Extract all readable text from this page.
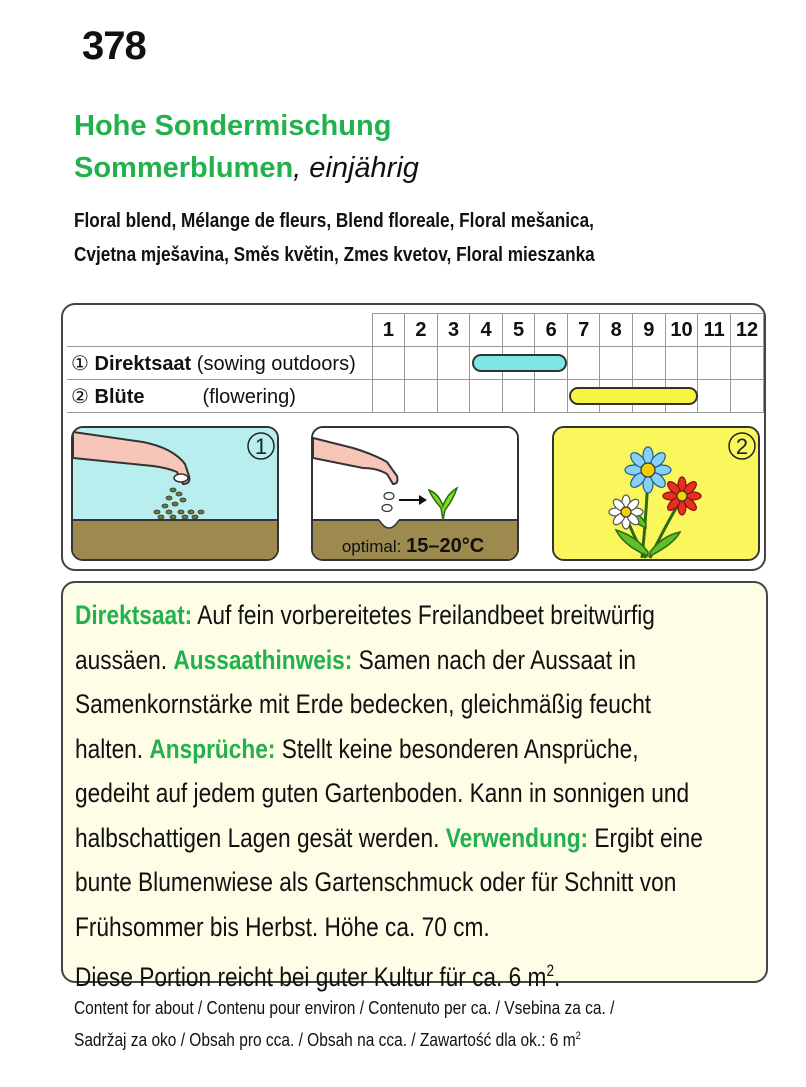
378
Hohe Sondermischung
Sommerblumen, einjährig
Floral blend, Mélange de fleurs, Blend floreale, Floral mešanica,
Cvjetna mješavina, Směs květin, Zmes kvetov, Floral mieszanka
	1	2	3	4	5	6	7	8	9	10	11	12
① Direktsaat (sowing outdoors)												
② Blüte (flowering)												
1
optimal: 15–20°C
2

Direktsaat: Auf fein vorbereitetes Freilandbeet breitwürfig

aussäen. Aussaathinweis: Samen nach der Aussaat in

Samenkornstärke mit Erde bedecken, gleichmäßig feucht

halten. Ansprüche: Stellt keine besonderen Ansprüche,

gedeiht auf jedem guten Gartenboden. Kann in sonnigen und

halbschattigen Lagen gesät werden. Verwendung: Ergibt eine

bunte Blumenwiese als Gartenschmuck oder für Schnitt von

Frühsommer bis Herbst. Höhe ca. 70 cm.

Diese Portion reicht bei guter Kultur für ca. 6 $m^2$.

Content for about / Contenu pour environ / Contenuto per ca. / Vsebina za ca. /
Sadržaj za oko / Obsah pro cca. / Obsah na cca. / Zawartość dla ok.: 6 $m^2$
